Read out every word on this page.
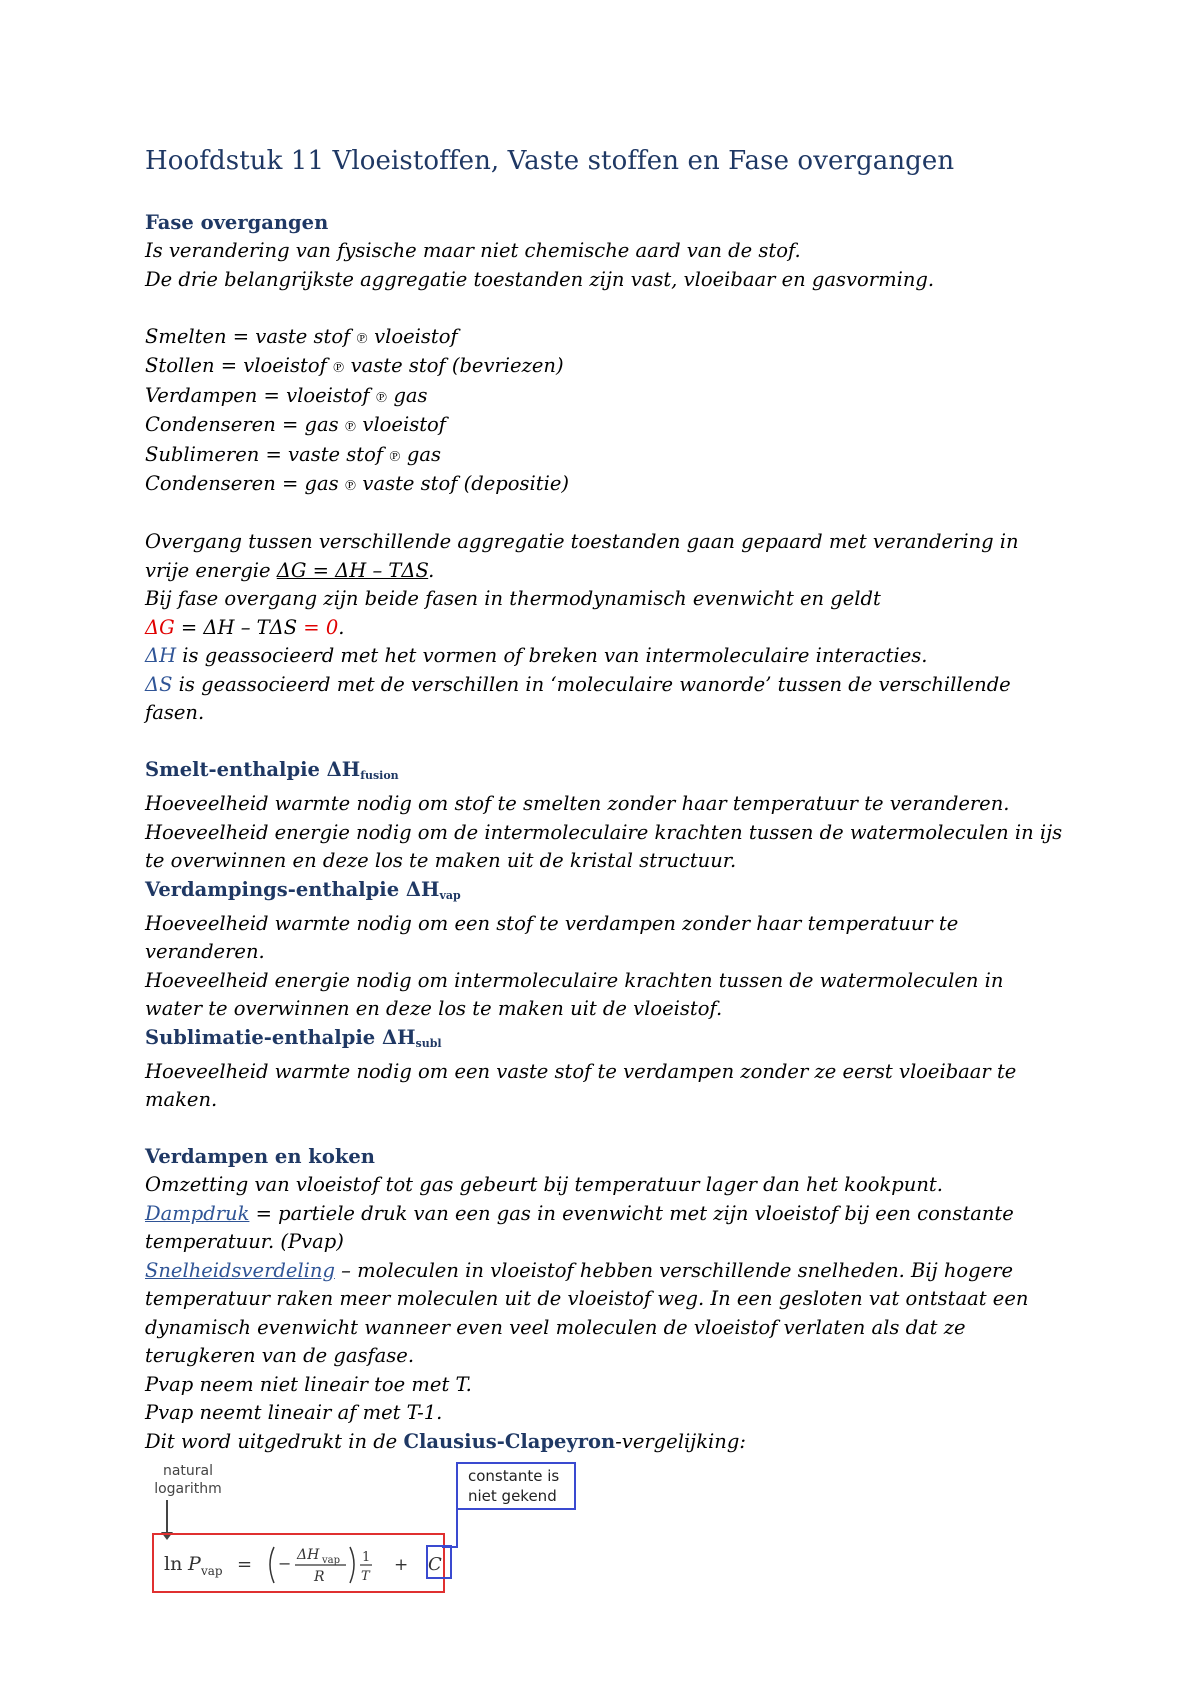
Hoofdstuk 11 Vloeistoffen, Vaste stoffen en Fase overgangen
Fase overgangen

Is verandering van fysische maar niet chemische aard van de stof.

De drie belangrijkste aggregatie toestanden zijn vast, vloeibaar en gasvorming.

Smelten = vaste stof ℗ vloeistof

Stollen = vloeistof ℗ vaste stof (bevriezen)

Verdampen = vloeistof ℗ gas

Condenseren = gas ℗ vloeistof

Sublimeren = vaste stof ℗ gas

Condenseren = gas ℗ vaste stof (depositie)

Overgang tussen verschillende aggregatie toestanden gaan gepaard met verandering in vrije energie ΔG = ΔH – TΔS.

Bij fase overgang zijn beide fasen in thermodynamisch evenwicht en geldt

ΔG = ΔH – TΔS = 0.

ΔH is geassocieerd met het vormen of breken van intermoleculaire interacties.

ΔS is geassocieerd met de verschillen in ‘moleculaire wanorde’ tussen de verschillende fasen.

Smelt-enthalpie $\Delta H_{fusion}$

Hoeveelheid warmte nodig om stof te smelten zonder haar temperatuur te veranderen.

Hoeveelheid energie nodig om de intermoleculaire krachten tussen de watermoleculen in ijs te overwinnen en deze los te maken uit de kristal structuur.

Verdampings-enthalpie $\Delta H_{vap}$

Hoeveelheid warmte nodig om een stof te verdampen zonder haar temperatuur te veranderen.

Hoeveelheid energie nodig om intermoleculaire krachten tussen de watermoleculen in water te overwinnen en deze los te maken uit de vloeistof.

Sublimatie-enthalpie $\Delta H_{subl}$

Hoeveelheid warmte nodig om een vaste stof te verdampen zonder ze eerst vloeibaar te maken.

Verdampen en koken

Omzetting van vloeistof tot gas gebeurt bij temperatuur lager dan het kookpunt.

Dampdruk = partiele druk van een gas in evenwicht met zijn vloeistof bij een constante temperatuur. (Pvap)

Snelheidsverdeling – moleculen in vloeistof hebben verschillende snelheden. Bij hogere temperatuur raken meer moleculen uit de vloeistof weg. In een gesloten vat ontstaat een dynamisch evenwicht wanneer even veel moleculen de vloeistof verlaten als dat ze terugkeren van de gasfase.

Pvap neem niet lineair toe met T.

Pvap neemt lineair af met T-1.

Dit word uitgedrukt in de Clausius-Clapeyron-vergelijking:

natural
logarithm
ln P vap = − ΔH vap
R
1
T
+ C
constante is
niet gekend
